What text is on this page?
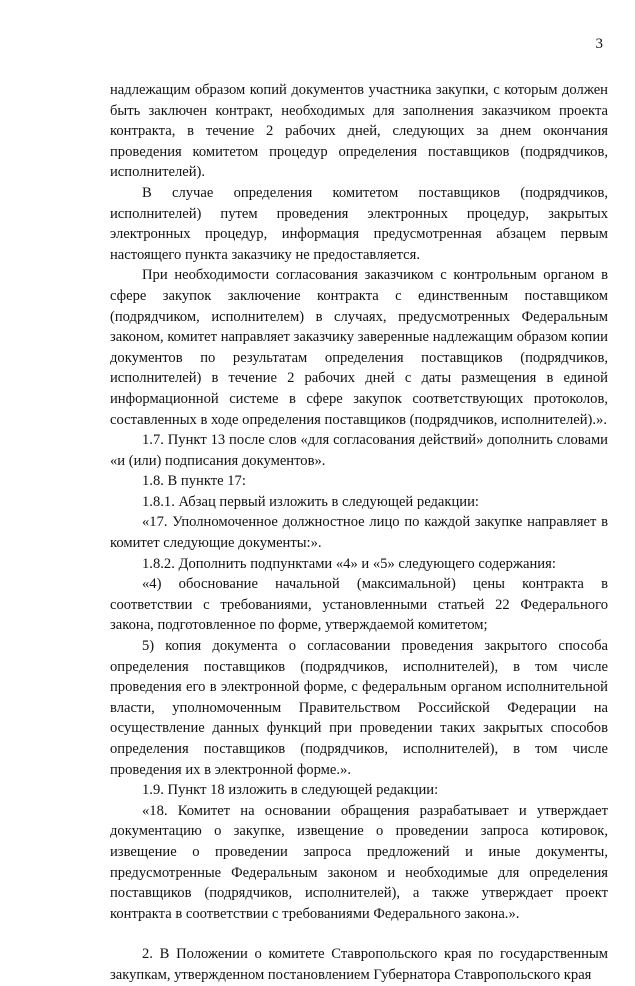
3

надлежащим образом копий документов участника закупки, с которым должен быть заключен контракт, необходимых для заполнения заказчиком проекта контракта, в течение 2 рабочих дней, следующих за днем окончания проведения комитетом процедур определения поставщиков (подрядчиков, исполнителей).

В случае определения комитетом поставщиков (подрядчиков, исполнителей) путем проведения электронных процедур, закрытых электронных процедур, информация предусмотренная абзацем первым настоящего пункта заказчику не предоставляется.

При необходимости согласования заказчиком с контрольным органом в сфере закупок заключение контракта с единственным поставщиком (подрядчиком, исполнителем) в случаях, предусмотренных Федеральным законом, комитет направляет заказчику заверенные надлежащим образом копии документов по результатам определения поставщиков (подрядчиков, исполнителей) в течение 2 рабочих дней с даты размещения в единой информационной системе в сфере закупок соответствующих протоколов, составленных в ходе определения поставщиков (подрядчиков, исполнителей).».

1.7. Пункт 13 после слов «для согласования действий» дополнить словами «и (или) подписания документов».

1.8. В пункте 17:

1.8.1. Абзац первый изложить в следующей редакции:

«17. Уполномоченное должностное лицо по каждой закупке направляет в комитет следующие документы:».

1.8.2. Дополнить подпунктами «4» и «5» следующего содержания:

«4) обоснование начальной (максимальной) цены контракта в соответствии с требованиями, установленными статьей 22 Федерального закона, подготовленное по форме, утверждаемой комитетом;

5) копия документа о согласовании проведения закрытого способа определения поставщиков (подрядчиков, исполнителей), в том числе проведения его в электронной форме, с федеральным органом исполнительной власти, уполномоченным Правительством Российской Федерации на осуществление данных функций при проведении таких закрытых способов определения поставщиков (подрядчиков, исполнителей), в том числе проведения их в электронной форме.».

1.9. Пункт 18 изложить в следующей редакции:

«18. Комитет на основании обращения разрабатывает и утверждает документацию о закупке, извещение о проведении запроса котировок, извещение о проведении запроса предложений и иные документы, предусмотренные Федеральным законом и необходимые для определения поставщиков (подрядчиков, исполнителей), а также утверждает проект контракта в соответствии с требованиями Федерального закона.».

2. В Положении о комитете Ставропольского края по государственным закупкам, утвержденном постановлением Губернатора Ставропольского края
